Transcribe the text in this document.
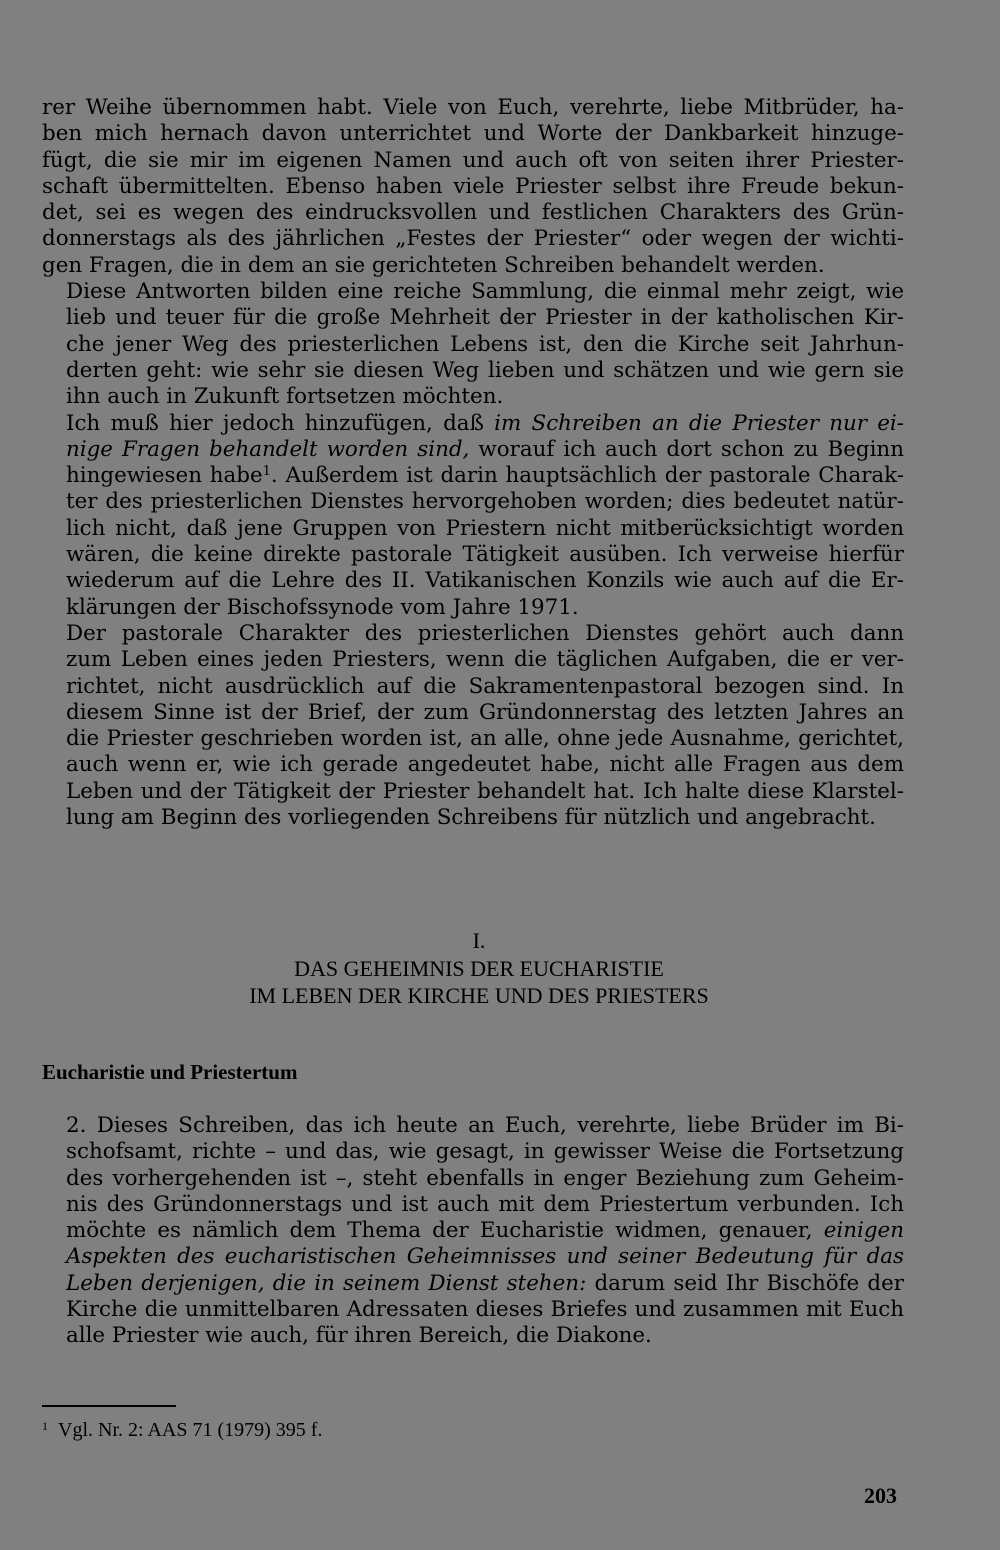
rer Weihe übernommen habt. Viele von Euch, verehrte, liebe Mitbrüder, ha-
ben mich hernach davon unterrichtet und Worte der Dankbarkeit hinzuge-
fügt, die sie mir im eigenen Namen und auch oft von seiten ihrer Priester-
schaft übermittelten. Ebenso haben viele Priester selbst ihre Freude bekun-
det, sei es wegen des eindrucksvollen und festlichen Charakters des Grün-
donnerstags als des jährlichen „Festes der Priester“ oder wegen der wichti-
gen Fragen, die in dem an sie gerichteten Schreiben behandelt werden.

Diese Antworten bilden eine reiche Sammlung, die einmal mehr zeigt, wie
lieb und teuer für die große Mehrheit der Priester in der katholischen Kir-
che jener Weg des priesterlichen Lebens ist, den die Kirche seit Jahrhun-
derten geht: wie sehr sie diesen Weg lieben und schätzen und wie gern sie
ihn auch in Zukunft fortsetzen möchten.

Ich muß hier jedoch hinzufügen, daß im Schreiben an die Priester nur ei-
nige Fragen behandelt worden sind, worauf ich auch dort schon zu Beginn
hingewiesen habe$^1$. Außerdem ist darin hauptsächlich der pastorale Charak-
ter des priesterlichen Dienstes hervorgehoben worden; dies bedeutet natür-
lich nicht, daß jene Gruppen von Priestern nicht mitberücksichtigt worden
wären, die keine direkte pastorale Tätigkeit ausüben. Ich verweise hierfür
wiederum auf die Lehre des II. Vatikanischen Konzils wie auch auf die Er-
klärungen der Bischofssynode vom Jahre 1971.

Der pastorale Charakter des priesterlichen Dienstes gehört auch dann
zum Leben eines jeden Priesters, wenn die täglichen Aufgaben, die er ver-
richtet, nicht ausdrücklich auf die Sakramentenpastoral bezogen sind. In
diesem Sinne ist der Brief, der zum Gründonnerstag des letzten Jahres an
die Priester geschrieben worden ist, an alle, ohne jede Ausnahme, gerichtet,
auch wenn er, wie ich gerade angedeutet habe, nicht alle Fragen aus dem
Leben und der Tätigkeit der Priester behandelt hat. Ich halte diese Klarstel-
lung am Beginn des vorliegenden Schreibens für nützlich und angebracht.

I.
DAS GEHEIMNIS DER EUCHARISTIE
IM LEBEN DER KIRCHE UND DES PRIESTERS
Eucharistie und Priestertum

2. Dieses Schreiben, das ich heute an Euch, verehrte, liebe Brüder im Bi-
schofsamt, richte – und das, wie gesagt, in gewisser Weise die Fortsetzung
des vorhergehenden ist –, steht ebenfalls in enger Beziehung zum Geheim-
nis des Gründonnerstags und ist auch mit dem Priestertum verbunden. Ich
möchte es nämlich dem Thema der Eucharistie widmen, genauer, einigen
Aspekten des eucharistischen Geheimnisses und seiner Bedeutung für das
Leben derjenigen, die in seinem Dienst stehen: darum seid Ihr Bischöfe der
Kirche die unmittelbaren Adressaten dieses Briefes und zusammen mit Euch
alle Priester wie auch, für ihren Bereich, die Diakone.

$^1$ Vgl. Nr. 2: AAS 71 (1979) 395 f.
203
